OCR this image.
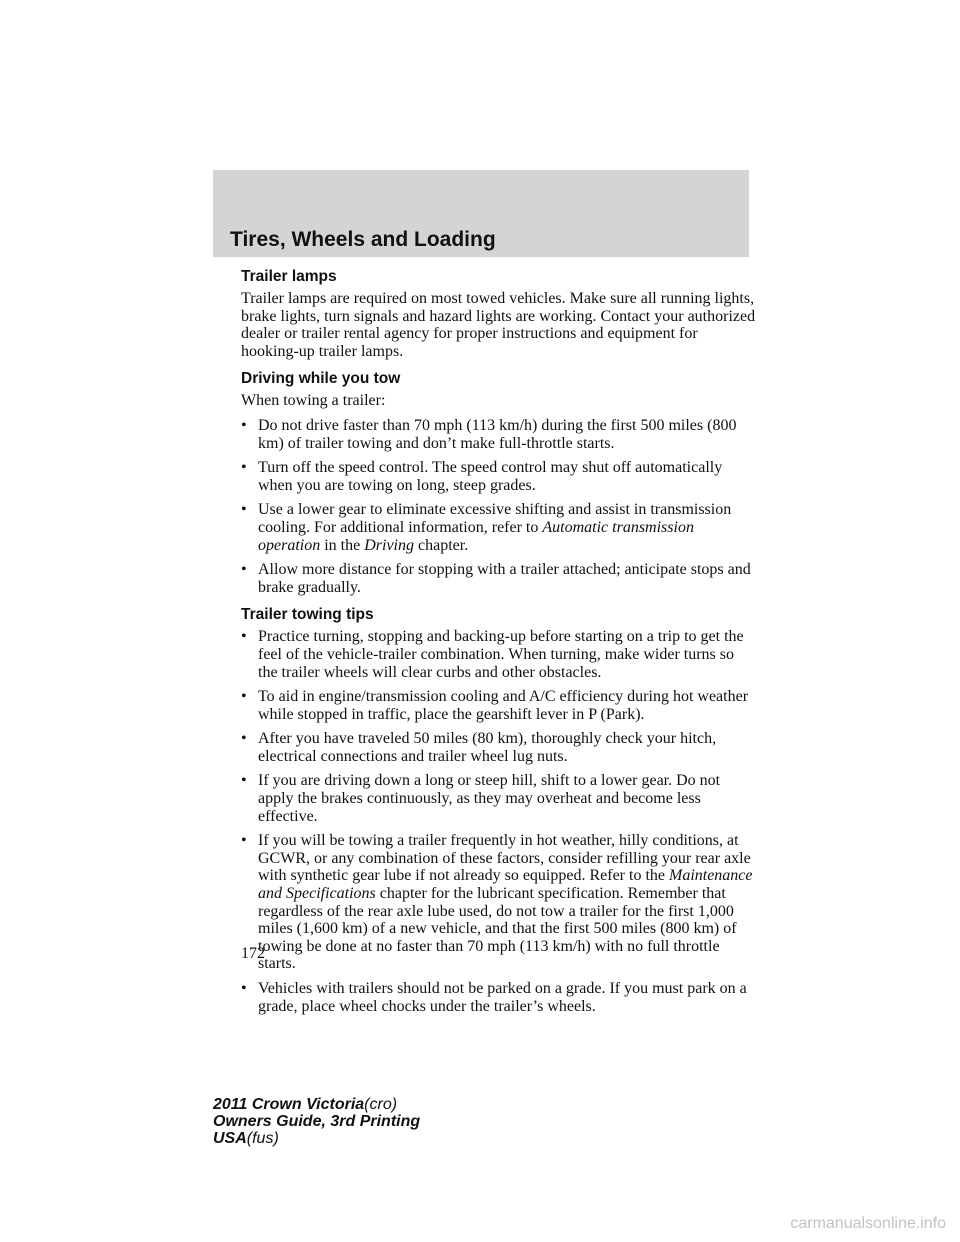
Tires, Wheels and Loading
Trailer lamps

Trailer lamps are required on most towed vehicles. Make sure all running lights, brake lights, turn signals and hazard lights are working. Contact your authorized dealer or trailer rental agency for proper instructions and equipment for hooking-up trailer lamps.

Driving while you tow

When towing a trailer:

• Do not drive faster than 70 mph (113 km/h) during the first 500 miles (800 km) of trailer towing and don’t make full-throttle starts.
• Turn off the speed control. The speed control may shut off automatically when you are towing on long, steep grades.
• Use a lower gear to eliminate excessive shifting and assist in transmission cooling. For additional information, refer to Automatic transmission operation in the Driving chapter.
• Allow more distance for stopping with a trailer attached; anticipate stops and brake gradually.
Trailer towing tips
• Practice turning, stopping and backing-up before starting on a trip to get the feel of the vehicle-trailer combination. When turning, make wider turns so the trailer wheels will clear curbs and other obstacles.
• To aid in engine/transmission cooling and A/C efficiency during hot weather while stopped in traffic, place the gearshift lever in P (Park).
• After you have traveled 50 miles (80 km), thoroughly check your hitch, electrical connections and trailer wheel lug nuts.
• If you are driving down a long or steep hill, shift to a lower gear. Do not apply the brakes continuously, as they may overheat and become less effective.
• If you will be towing a trailer frequently in hot weather, hilly conditions, at GCWR, or any combination of these factors, consider refilling your rear axle with synthetic gear lube if not already so equipped. Refer to the Maintenance and Specifications chapter for the lubricant specification. Remember that regardless of the rear axle lube used, do not tow a trailer for the first 1,000 miles (1,600 km) of a new vehicle, and that the first 500 miles (800 km) of towing be done at no faster than 70 mph (113 km/h) with no full throttle starts.
• Vehicles with trailers should not be parked on a grade. If you must park on a grade, place wheel chocks under the trailer’s wheels.
172
2011 Crown Victoria(cro)
Owners Guide, 3rd Printing
USA(fus)
carmanualsonline.info
